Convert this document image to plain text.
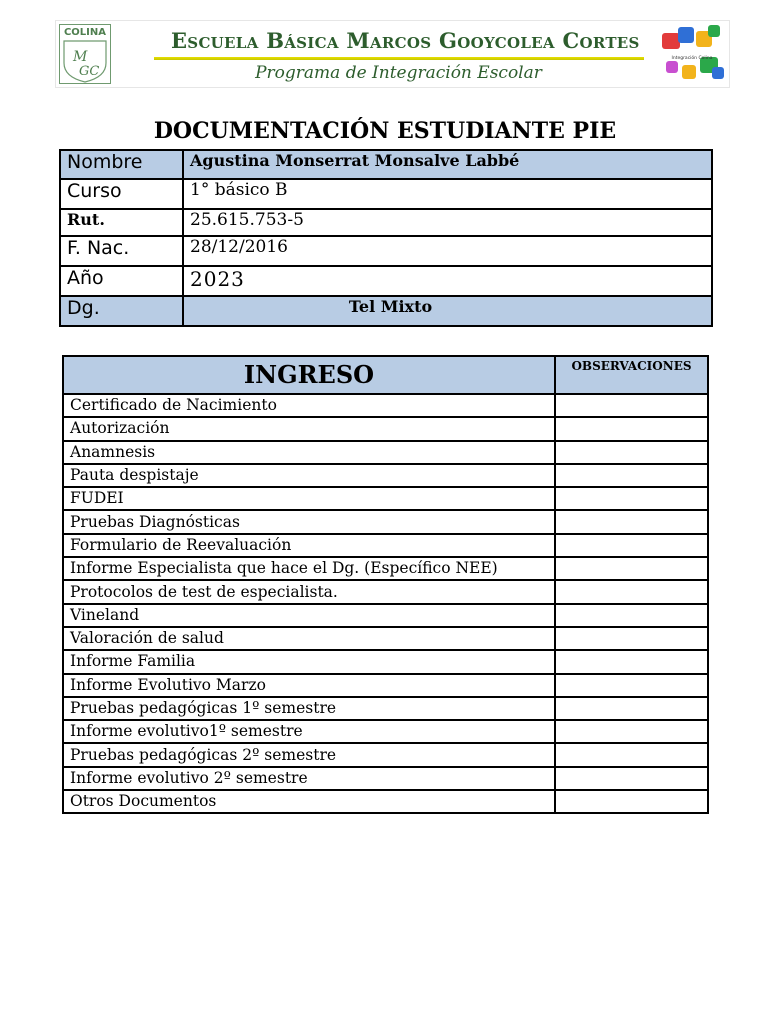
COLINA
M
GC
Escuela Básica Marcos Gooycolea Cortes
Programa de Integración Escolar
Integración Colina
DOCUMENTACIÓN ESTUDIANTE PIE
Nombre	Agustina Monserrat Monsalve Labbé
Curso	1° básico B
Rut.	25.615.753-5
F. Nac.	28/12/2016
Año	2023
Dg.	Tel Mixto
INGRESO	OBSERVACIONES
Certificado de Nacimiento	
Autorización	
Anamnesis	
Pauta despistaje	
FUDEI	
Pruebas Diagnósticas	
Formulario de Reevaluación	
Informe Especialista que hace el Dg. (Específico NEE)	
Protocolos de test de especialista.	
Vineland	
Valoración de salud	
Informe Familia	
Informe Evolutivo Marzo	
Pruebas pedagógicas 1º semestre	
Informe evolutivo1º semestre	
Pruebas pedagógicas 2º semestre	
Informe evolutivo 2º semestre	
Otros Documentos	
